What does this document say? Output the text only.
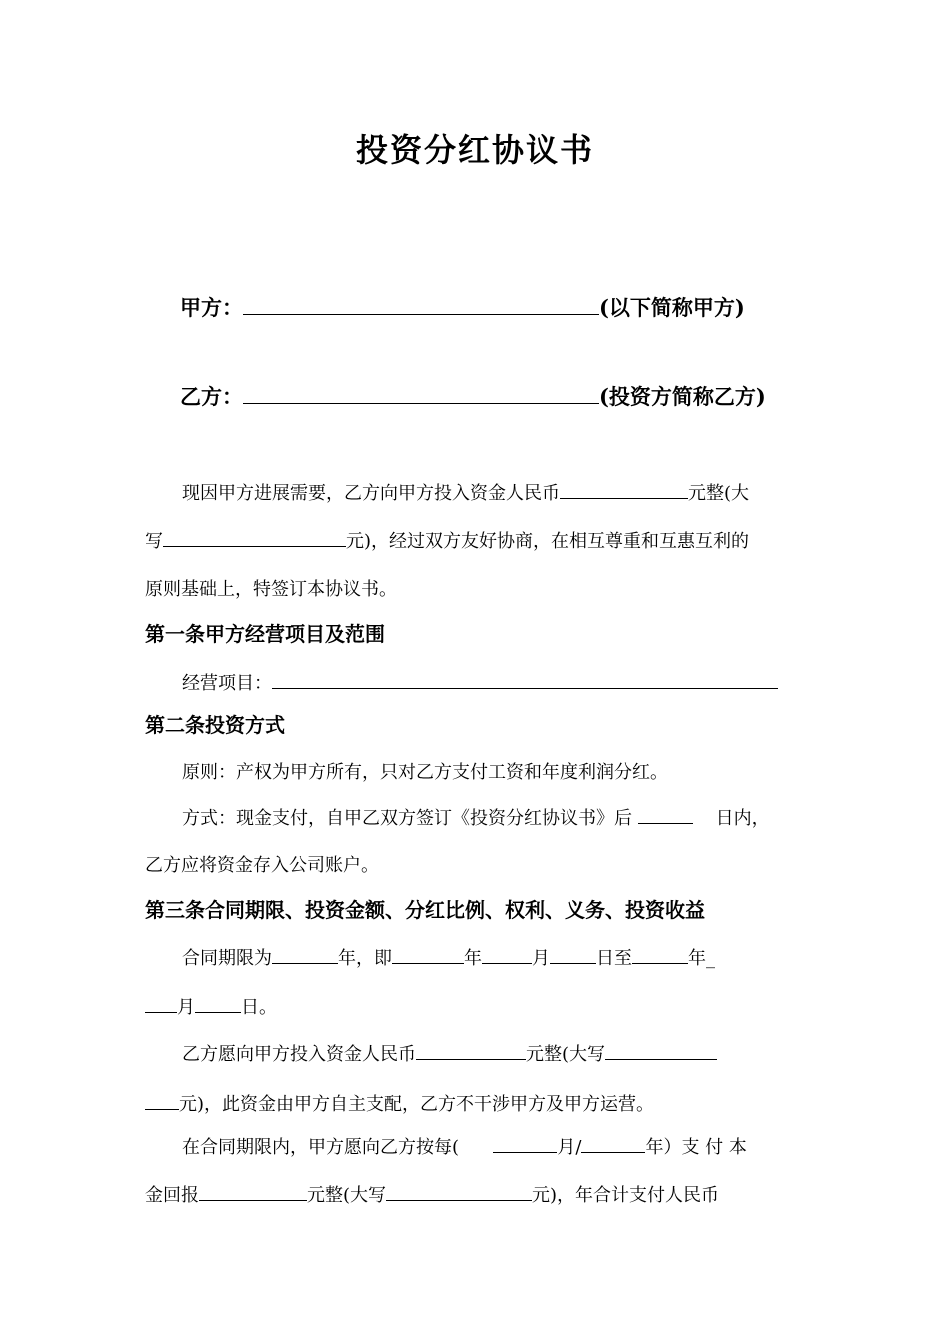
投资分红协议书
甲方：	(以下简称甲方)
乙方：	(投资方简称乙方)
现因甲方进展需要，乙方向甲方投入资金人民币	元整(大
写	元)，经过双方友好协商，在相互尊重和互惠互利的
原则基础上，特签订本协议书。
第一条甲方经营项目及范围
经营项目：
第二条投资方式
原则：产权为甲方所有，只对乙方支付工资和年度利润分红。
方式：现金支付，自甲乙双方签订《投资分红协议书》后	日内，
乙方应将资金存入公司账户。
第三条合同期限、投资金额、分红比例、权利、义务、投资收益
合同期限为	年，即	年	月	日至	年_
月	日。
乙方愿向甲方投入资金人民币	元整(大写
元)，此资金由甲方自主支配，乙方不干涉甲方及甲方运营。
在合同期限内，甲方愿向乙方按每(	月/	年）支 付 本
金回报	元整(大写	元)，年合计支付人民币
